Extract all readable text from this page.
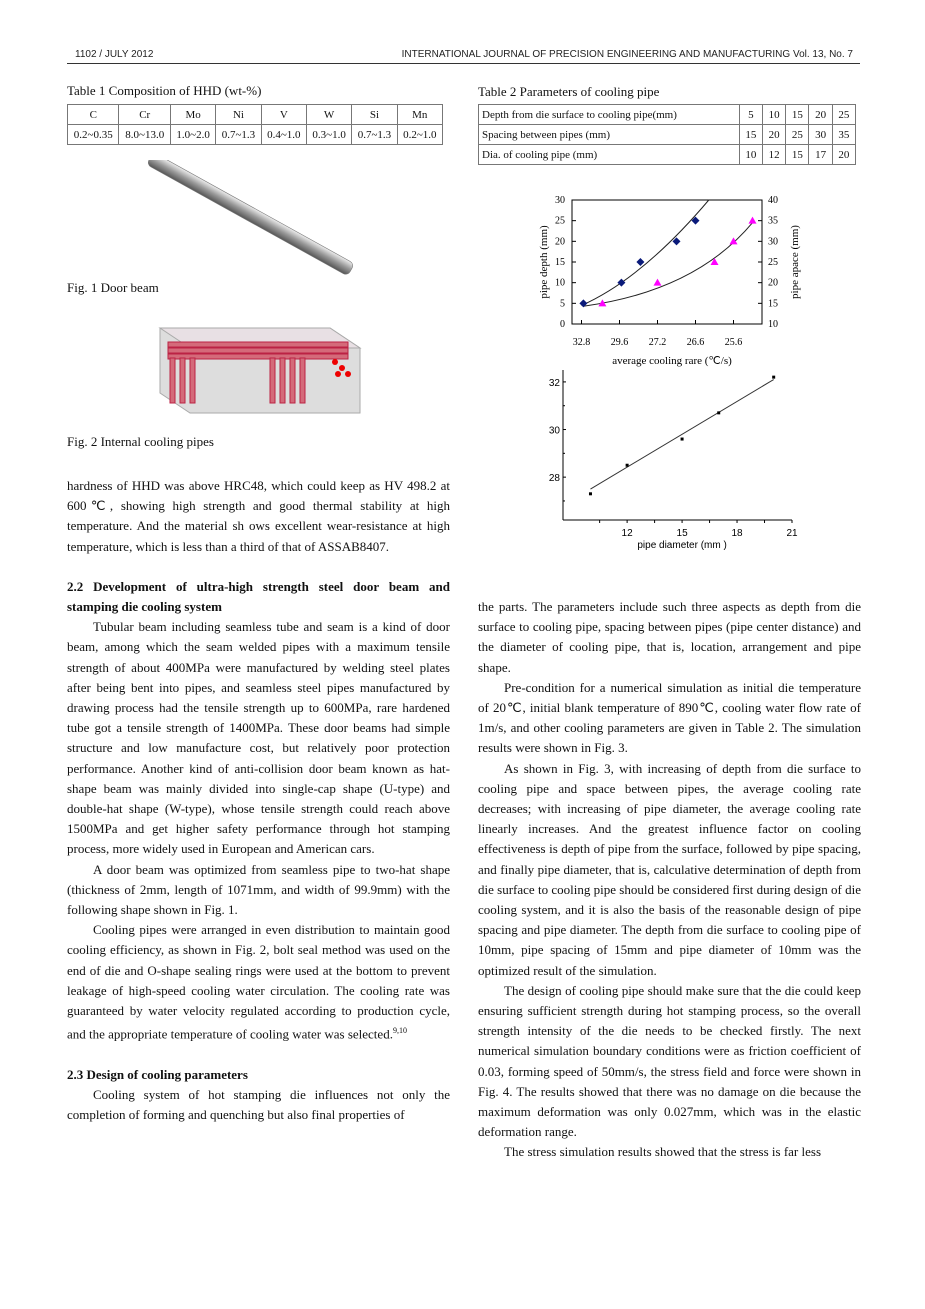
1102 / JULY 2012	INTERNATIONAL JOURNAL OF PRECISION ENGINEERING AND MANUFACTURING Vol. 13, No. 7
Table 1 Composition of HHD (wt-%)
C	Cr	Mo	Ni	V	W	Si	Mn
0.2~0.35	8.0~13.0	1.0~2.0	0.7~1.3	0.4~1.0	0.3~1.0	0.7~1.3	0.2~1.0
Table 2 Parameters of cooling pipe
Depth from die surface to cooling pipe(mm)	5	10	15	20	25
Spacing between pipes (mm)	15	20	25	30	35
Dia. of cooling pipe (mm)	10	12	15	17	20
Fig. 1 Door beam
Fig. 2 Internal cooling pipes
0
5
10
15
20
25
30
10
15
20
25
30
35
40
32.8 29.6 27.2 26.6 25.6
average cooling rare (℃/s)
pipe depth (mm)	pipe apace (mm)
28
30
32
12	15	18	21
pipe diameter (mm )

hardness of HHD was above HRC48, which could keep as HV 498.2 at 600℃, showing high strength and good thermal stability at high temperature. And the material sh ows excellent wear-resistance at high temperature, which is less than a third of that of ASSAB8407.

2.2 Development of ultra-high strength steel door beam and stamping die cooling system

Tubular beam including seamless tube and seam is a kind of door beam, among which the seam welded pipes with a maximum tensile strength of about 400MPa were manufactured by welding steel plates after being bent into pipes, and seamless steel pipes manufactured by drawing process had the tensile strength up to 600MPa, rare hardened tube got a tensile strength of 1400MPa. These door beams had simple structure and low manufacture cost, but relatively poor protection performance. Another kind of anti-collision door beam known as hat-shape beam was mainly divided into single-cap shape (U-type) and double-hat shape (W-type), whose tensile strength could reach above 1500MPa and get higher safety performance through hot stamping process, more widely used in European and American cars.

A door beam was optimized from seamless pipe to two-hat shape (thickness of 2mm, length of 1071mm, and width of 99.9mm) with the following shape shown in Fig. 1.

Cooling pipes were arranged in even distribution to maintain good cooling efficiency, as shown in Fig. 2, bolt seal method was used on the end of die and O-shape sealing rings were used at the bottom to prevent leakage of high-speed cooling water circulation. The cooling rate was guaranteed by water velocity regulated according to production cycle, and the appropriate temperature of cooling water was selected.$^{9,10}$

2.3 Design of cooling parameters

Cooling system of hot stamping die influences not only the completion of forming and quenching but also final properties of

the parts. The parameters include such three aspects as depth from die surface to cooling pipe, spacing between pipes (pipe center distance) and the diameter of cooling pipe, that is, location, arrangement and pipe shape.

Pre-condition for a numerical simulation as initial die temperature of 20℃, initial blank temperature of 890℃, cooling water flow rate of 1m/s, and other cooling parameters are given in Table 2. The simulation results were shown in Fig. 3.

As shown in Fig. 3, with increasing of depth from die surface to cooling pipe and space between pipes, the average cooling rate decreases; with increasing of pipe diameter, the average cooling rate linearly increases. And the greatest influence factor on cooling effectiveness is depth of pipe from the surface, followed by pipe spacing, and finally pipe diameter, that is, calculative determination of depth from die surface to cooling pipe should be considered first during design of die cooling system, and it is also the basis of the reasonable design of pipe spacing and pipe diameter. The depth from die surface to cooling pipe of 10mm, pipe spacing of 15mm and pipe diameter of 10mm was the optimized result of the simulation.

The design of cooling pipe should make sure that the die could keep ensuring sufficient strength during hot stamping process, so the overall strength intensity of the die needs to be checked firstly. The next numerical simulation boundary conditions were as friction coefficient of 0.03, forming speed of 50mm/s, the stress field and force were shown in Fig. 4. The results showed that there was no damage on die because the maximum deformation was only 0.027mm, which was in the elastic deformation range.

The stress simulation results showed that the stress is far less
